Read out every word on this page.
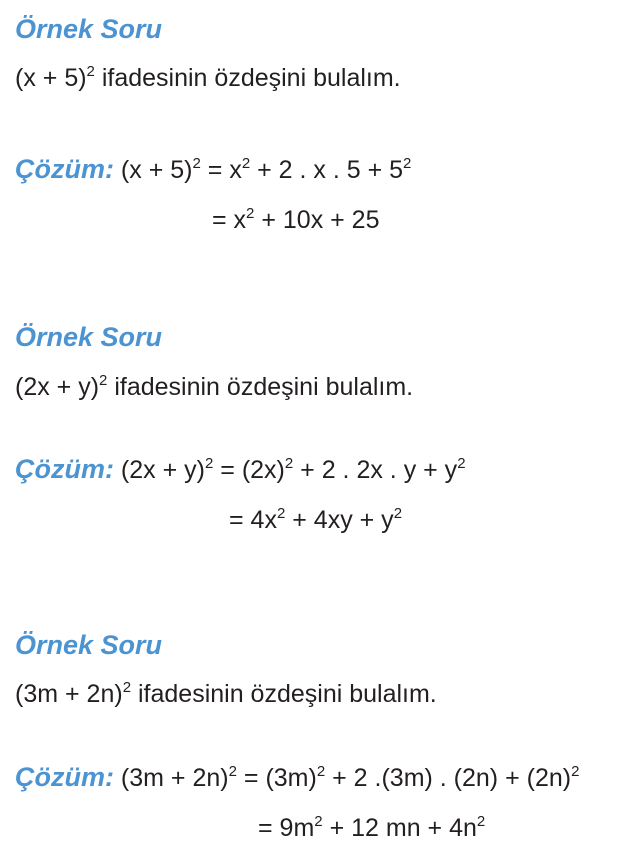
Örnek Soru
$(x + 5)^2$ ifadesinin özdeşini bulalım.
Çözüm: $(x + 5)^2 = x^2 + 2$ . x . $5 + 5^2$
= $x^2 + 10x + 25$
Örnek Soru
$(2x + y)^2$ ifadesinin özdeşini bulalım.
Çözüm: $(2x + y)^2 = (2x)^2 + 2$ . 2x . $y + y^2$
= $4x^2 + 4xy + y^2$
Örnek Soru
$(3m + 2n)^2$ ifadesinin özdeşini bulalım.
Çözüm: $(3m + 2n)^2 = (3m)^2 + 2$ .(3m) . $(2n) + (2n)^2$
= $9m^2 + 12$ mn + $4n^2$
